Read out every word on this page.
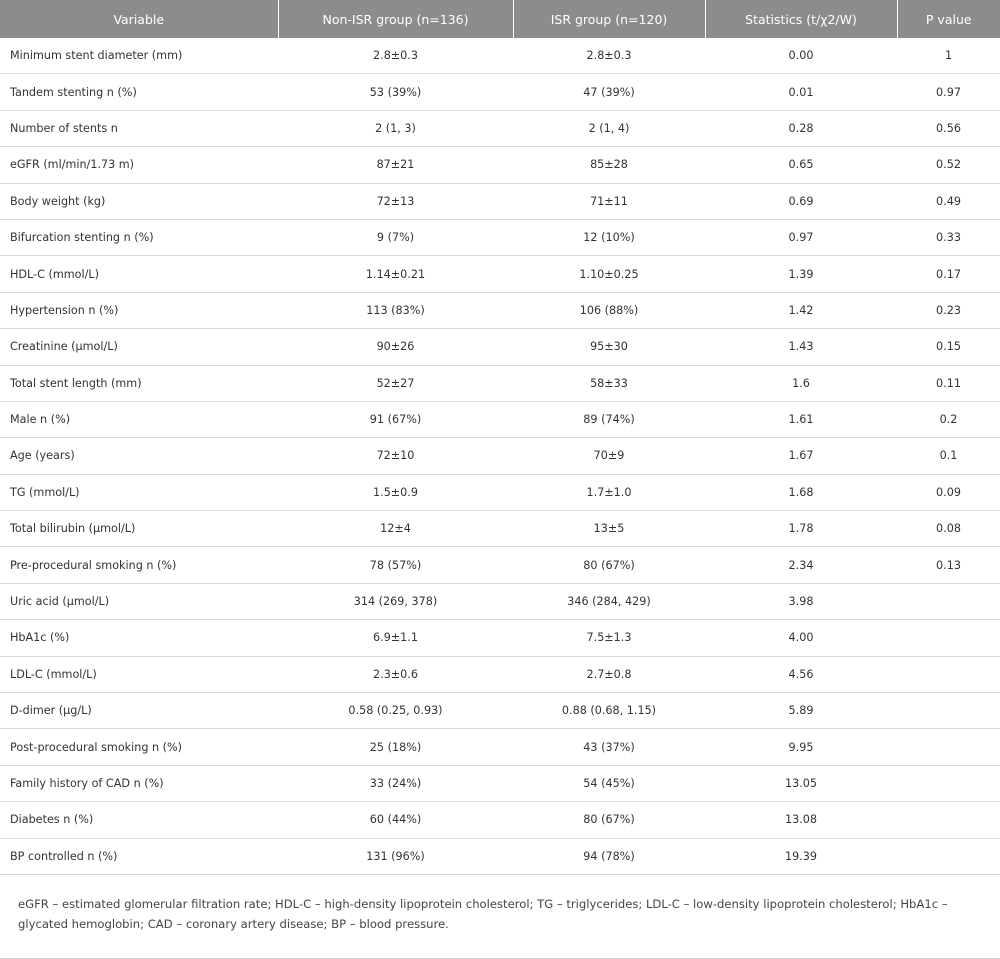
Variable	Non-ISR group (n=136)	ISR group (n=120)	Statistics (t/χ2/W)	P value
Minimum stent diameter (mm)	2.8±0.3	2.8±0.3	0.00	1
Tandem stenting n (%)	53 (39%)	47 (39%)	0.01	0.97
Number of stents n	2 (1, 3)	2 (1, 4)	0.28	0.56
eGFR (ml/min/1.73 m)	87±21	85±28	0.65	0.52
Body weight (kg)	72±13	71±11	0.69	0.49
Bifurcation stenting n (%)	9 (7%)	12 (10%)	0.97	0.33
HDL-C (mmol/L)	1.14±0.21	1.10±0.25	1.39	0.17
Hypertension n (%)	113 (83%)	106 (88%)	1.42	0.23
Creatinine (µmol/L)	90±26	95±30	1.43	0.15
Total stent length (mm)	52±27	58±33	1.6	0.11
Male n (%)	91 (67%)	89 (74%)	1.61	0.2
Age (years)	72±10	70±9	1.67	0.1
TG (mmol/L)	1.5±0.9	1.7±1.0	1.68	0.09
Total bilirubin (µmol/L)	12±4	13±5	1.78	0.08
Pre-procedural smoking n (%)	78 (57%)	80 (67%)	2.34	0.13
Uric acid (µmol/L)	314 (269, 378)	346 (284, 429)	3.98	
HbA1c (%)	6.9±1.1	7.5±1.3	4.00	
LDL-C (mmol/L)	2.3±0.6	2.7±0.8	4.56	
D-dimer (µg/L)	0.58 (0.25, 0.93)	0.88 (0.68, 1.15)	5.89	
Post-procedural smoking n (%)	25 (18%)	43 (37%)	9.95	
Family history of CAD n (%)	33 (24%)	54 (45%)	13.05	
Diabetes n (%)	60 (44%)	80 (67%)	13.08	
BP controlled n (%)	131 (96%)	94 (78%)	19.39	
eGFR – estimated glomerular filtration rate; HDL-C – high-density lipoprotein cholesterol; TG – triglycerides; LDL-C – low-density lipoprotein cholesterol; HbA1c – glycated hemoglobin; CAD – coronary artery disease; BP – blood pressure.
